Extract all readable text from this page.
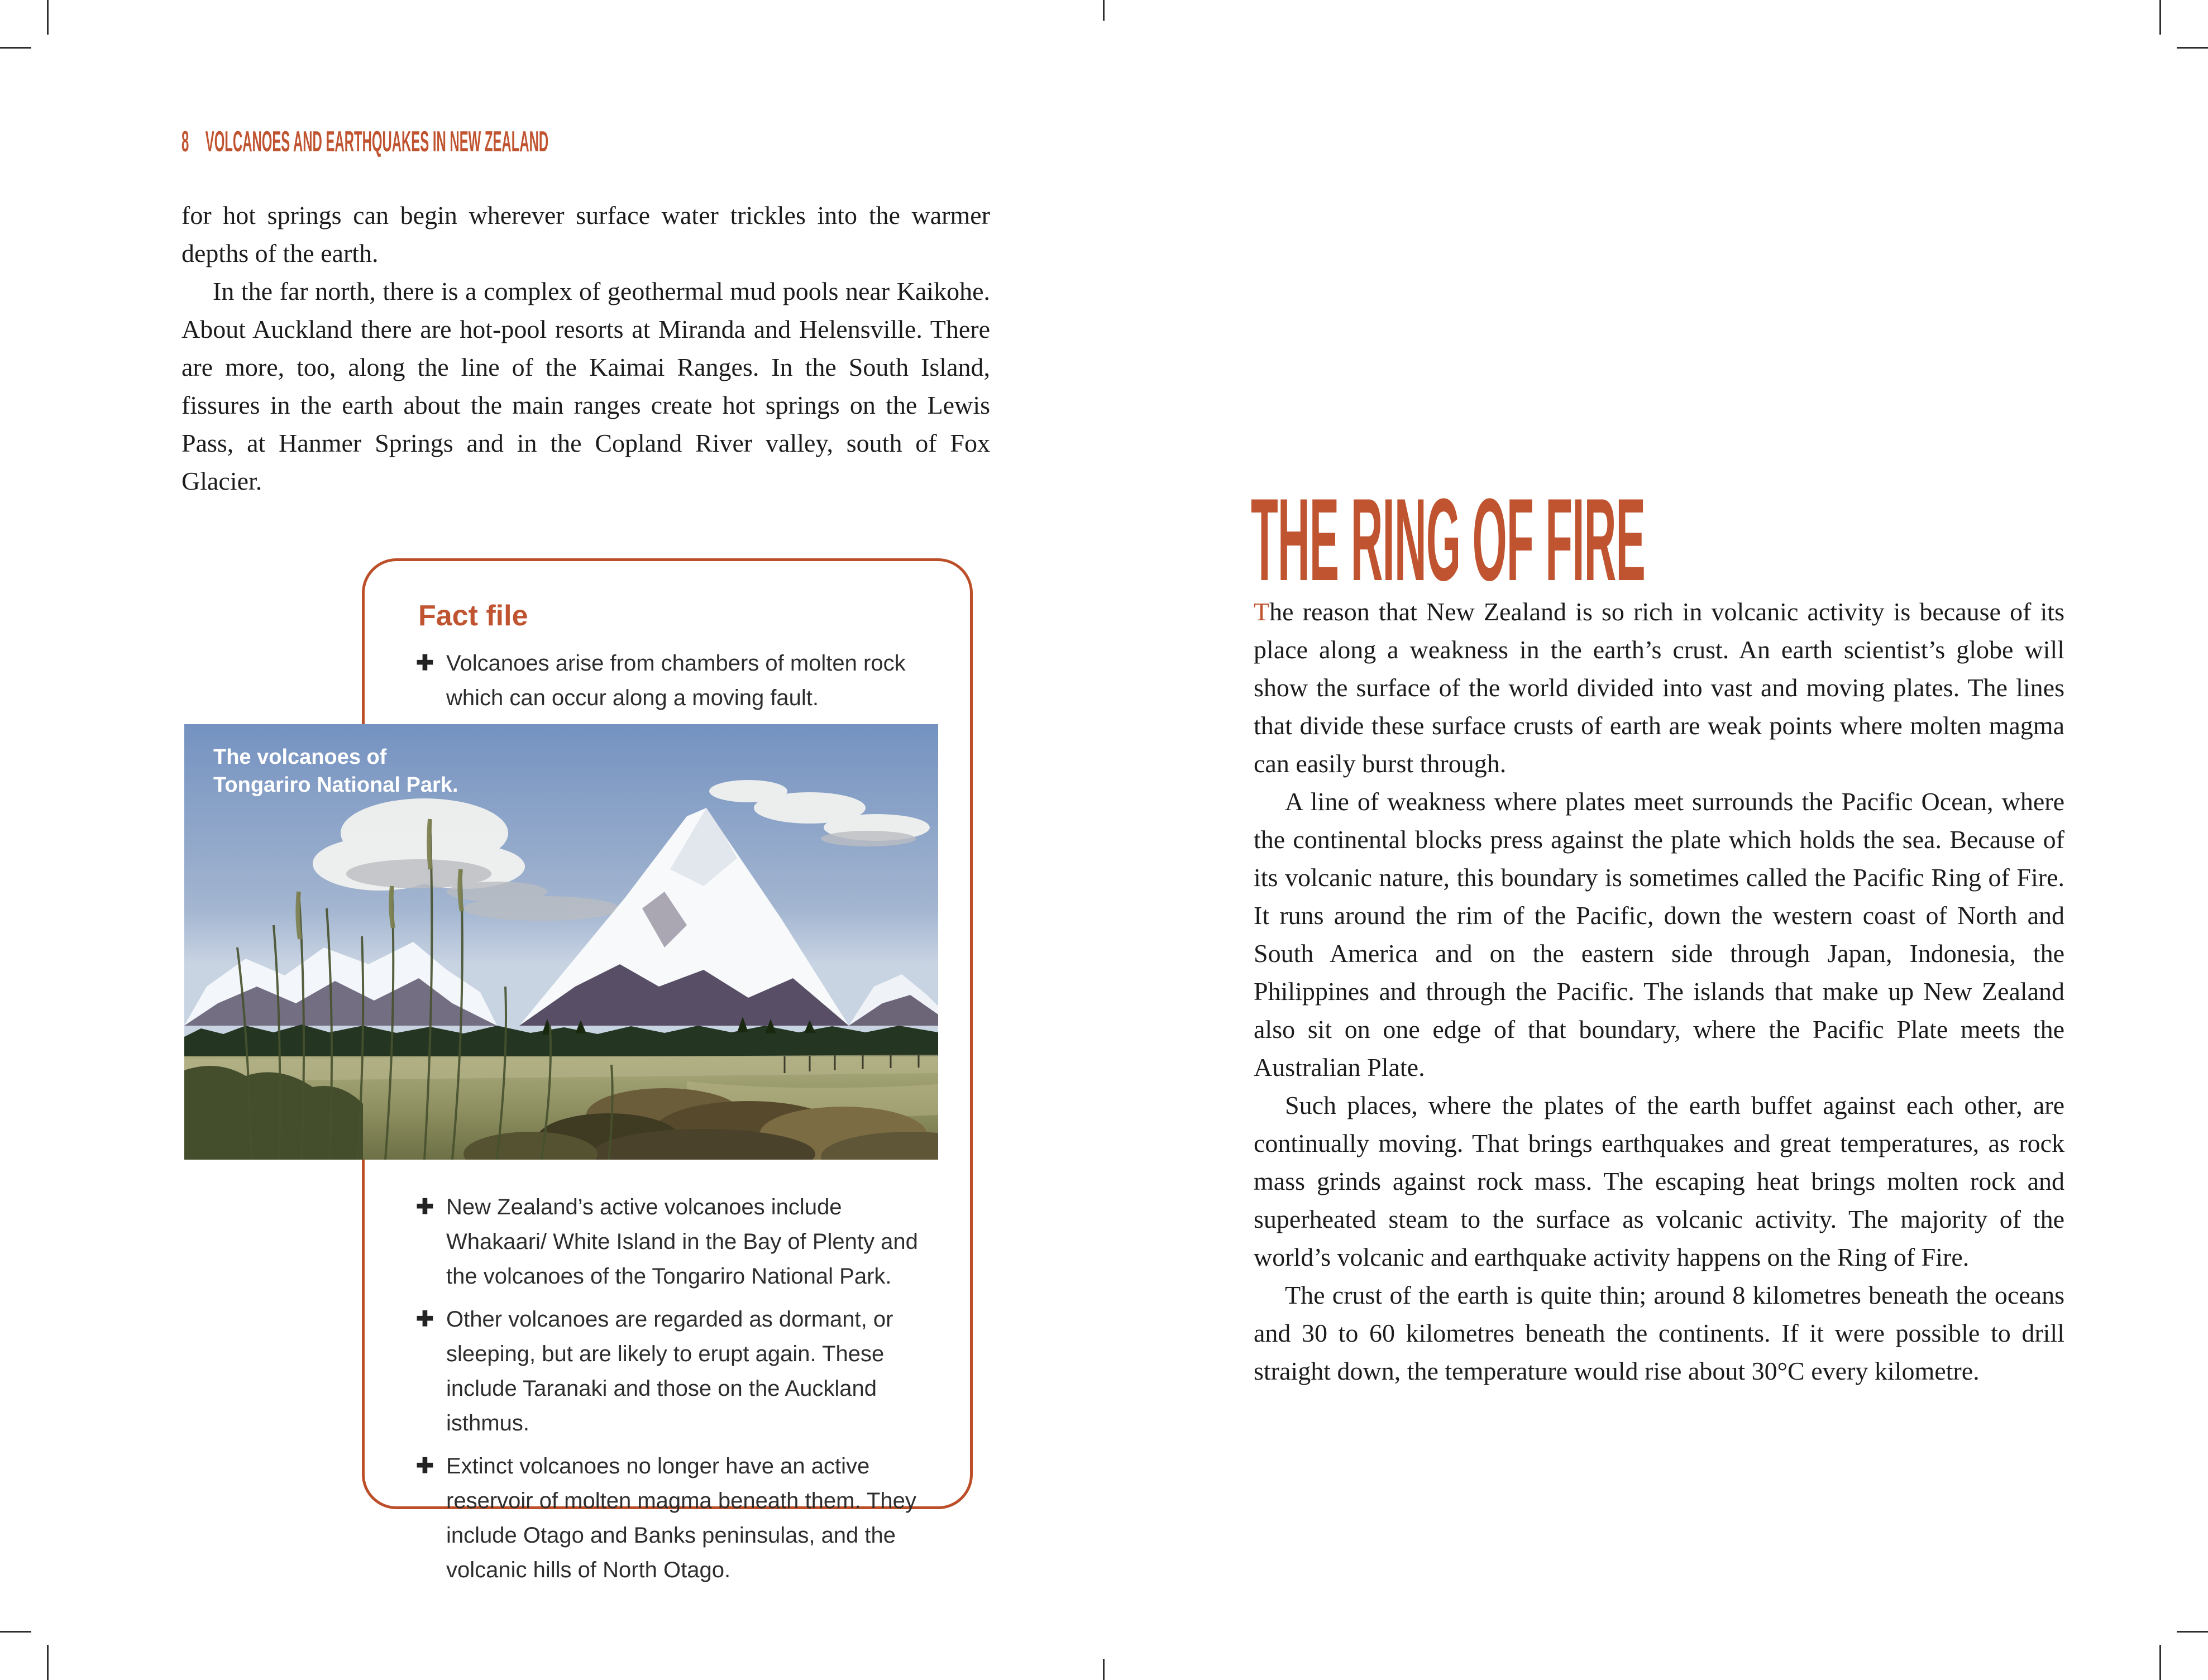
8 VOLCANOES AND EARTHQUAKES IN NEW ZEALAND

for hot springs can begin wherever surface water trickles into the warmer depths of the earth.

In the far north, there is a complex of geothermal mud pools near Kaikohe. About Auckland there are hot-pool resorts at Miranda and Helensville. There are more, too, along the line of the Kaimai Ranges. In the South Island, fissures in the earth about the main ranges create hot springs on the Lewis Pass, at Hanmer Springs and in the Copland River valley, south of Fox Glacier.

Fact file

✚ Volcanoes arise from chambers of molten rock which can occur along a moving fault.

✚ New Zealand’s active volcanoes include Whakaari/ White Island in the Bay of Plenty and the volcanoes of the Tongariro National Park.

✚ Other volcanoes are regarded as dormant, or sleeping, but are likely to erupt again. These include Taranaki and those on the Auckland isthmus.

✚ Extinct volcanoes no longer have an active reservoir of molten magma beneath them. They include Otago and Banks peninsulas, and the volcanic hills of North Otago.

The volcanoes of
Tongariro National Park.
THE RING OF FIRE

The reason that New Zealand is so rich in volcanic activity is because of its place along a weakness in the earth’s crust. An earth scientist’s globe will show the surface of the world divided into vast and moving plates. The lines that divide these surface crusts of earth are weak points where molten magma can easily burst through.

A line of weakness where plates meet surrounds the Pacific Ocean, where the continental blocks press against the plate which holds the sea. Because of its volcanic nature, this boundary is sometimes called the Pacific Ring of Fire. It runs around the rim of the Pacific, down the western coast of North and South America and on the eastern side through Japan, Indonesia, the Philippines and through the Pacific. The islands that make up New Zealand also sit on one edge of that boundary, where the Pacific Plate meets the Australian Plate.

Such places, where the plates of the earth buffet against each other, are continually moving. That brings earthquakes and great temperatures, as rock mass grinds against rock mass. The escaping heat brings molten rock and superheated steam to the surface as volcanic activity. The majority of the world’s volcanic and earthquake activity happens on the Ring of Fire.

The crust of the earth is quite thin; around 8 kilometres beneath the oceans and 30 to 60 kilometres beneath the continents. If it were possible to drill straight down, the temperature would rise about 30°C every kilometre.
